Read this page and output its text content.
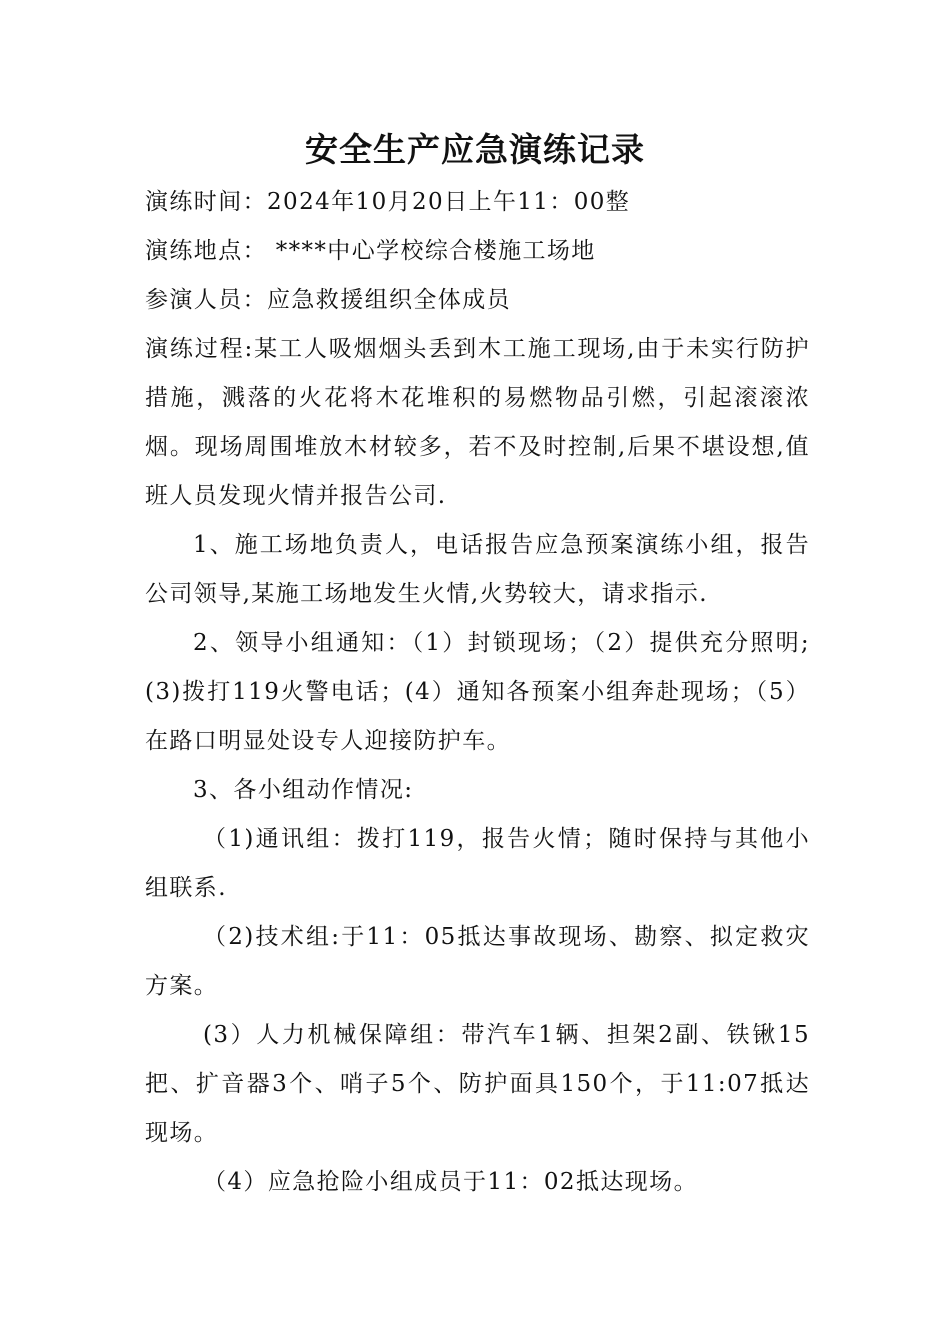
安全生产应急演练记录

演练时间：2024年10月20日上午11：00整

演练地点： ****中心学校综合楼施工场地

参演人员：应急救援组织全体成员

演练过程:某工人吸烟烟头丢到木工施工现场,由于未实行防护措施，溅落的火花将木花堆积的易燃物品引燃，引起滚滚浓烟。现场周围堆放木材较多，若不及时控制,后果不堪设想,值班人员发现火情并报告公司.

1、施工场地负责人，电话报告应急预案演练小组，报告公司领导,某施工场地发生火情,火势较大，请求指示.

2、领导小组通知：（1）封锁现场；（2）提供充分照明;(3)拨打119火警电话；(4）通知各预案小组奔赴现场；（5）在路口明显处设专人迎接防护车。

3、各小组动作情况:

（1)通讯组：拨打119，报告火情；随时保持与其他小组联系.

（2)技术组:于11：05抵达事故现场、勘察、拟定救灾方案。

(3）人力机械保障组：带汽车1辆、担架2副、铁锹15把、扩音器3个、哨子5个、防护面具150个，于11:07抵达现场。

（4）应急抢险小组成员于11：02抵达现场。
